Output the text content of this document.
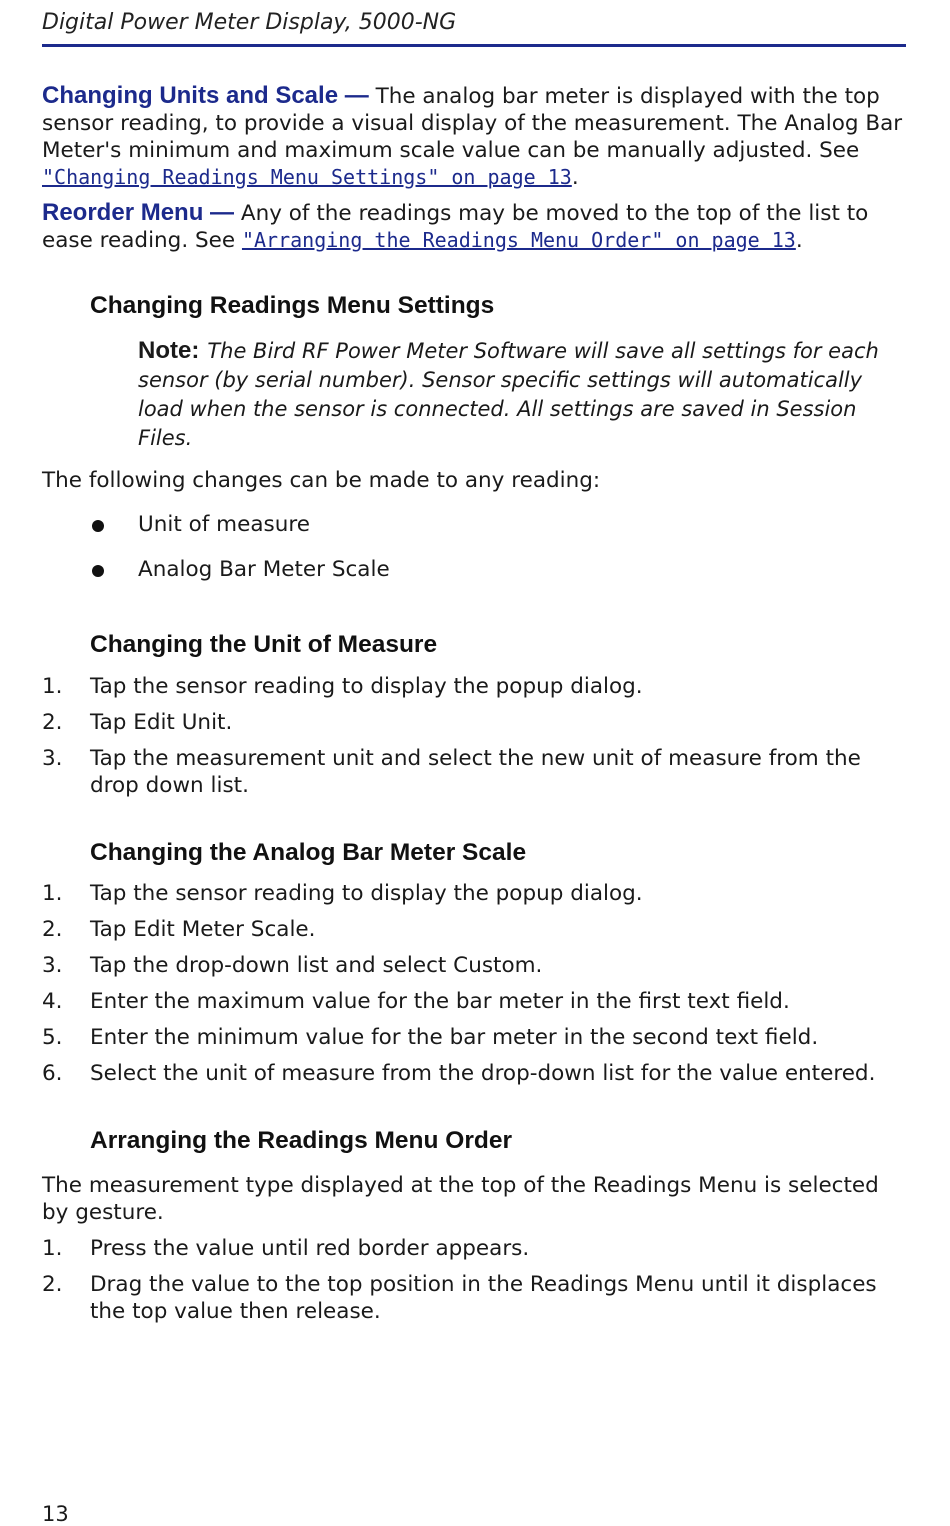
Digital Power Meter Display, 5000-NG
Changing Units and Scale — The analog bar meter is displayed with the top sensor reading, to provide a visual display of the measurement. The Analog Bar Meter's minimum and maximum scale value can be manually adjusted. See "Changing Readings Menu Settings" on page 13.
Reorder Menu — Any of the readings may be moved to the top of the list to ease reading. See "Arranging the Readings Menu Order" on page 13.
Changing Readings Menu Settings
Note: The Bird RF Power Meter Software will save all settings for each sensor (by serial number). Sensor specific settings will automatically load when the sensor is connected. All settings are saved in Session Files.
The following changes can be made to any reading:
Unit of measure
Analog Bar Meter Scale
Changing the Unit of Measure
1. Tap the sensor reading to display the popup dialog.
2. Tap Edit Unit.
3. Tap the measurement unit and select the new unit of measure from the drop down list.
Changing the Analog Bar Meter Scale
1. Tap the sensor reading to display the popup dialog.
2. Tap Edit Meter Scale.
3. Tap the drop-down list and select Custom.
4. Enter the maximum value for the bar meter in the first text field.
5. Enter the minimum value for the bar meter in the second text field.
6. Select the unit of measure from the drop-down list for the value entered.
Arranging the Readings Menu Order
The measurement type displayed at the top of the Readings Menu is selected by gesture.
1. Press the value until red border appears.
2. Drag the value to the top position in the Readings Menu until it displaces the top value then release.
13
